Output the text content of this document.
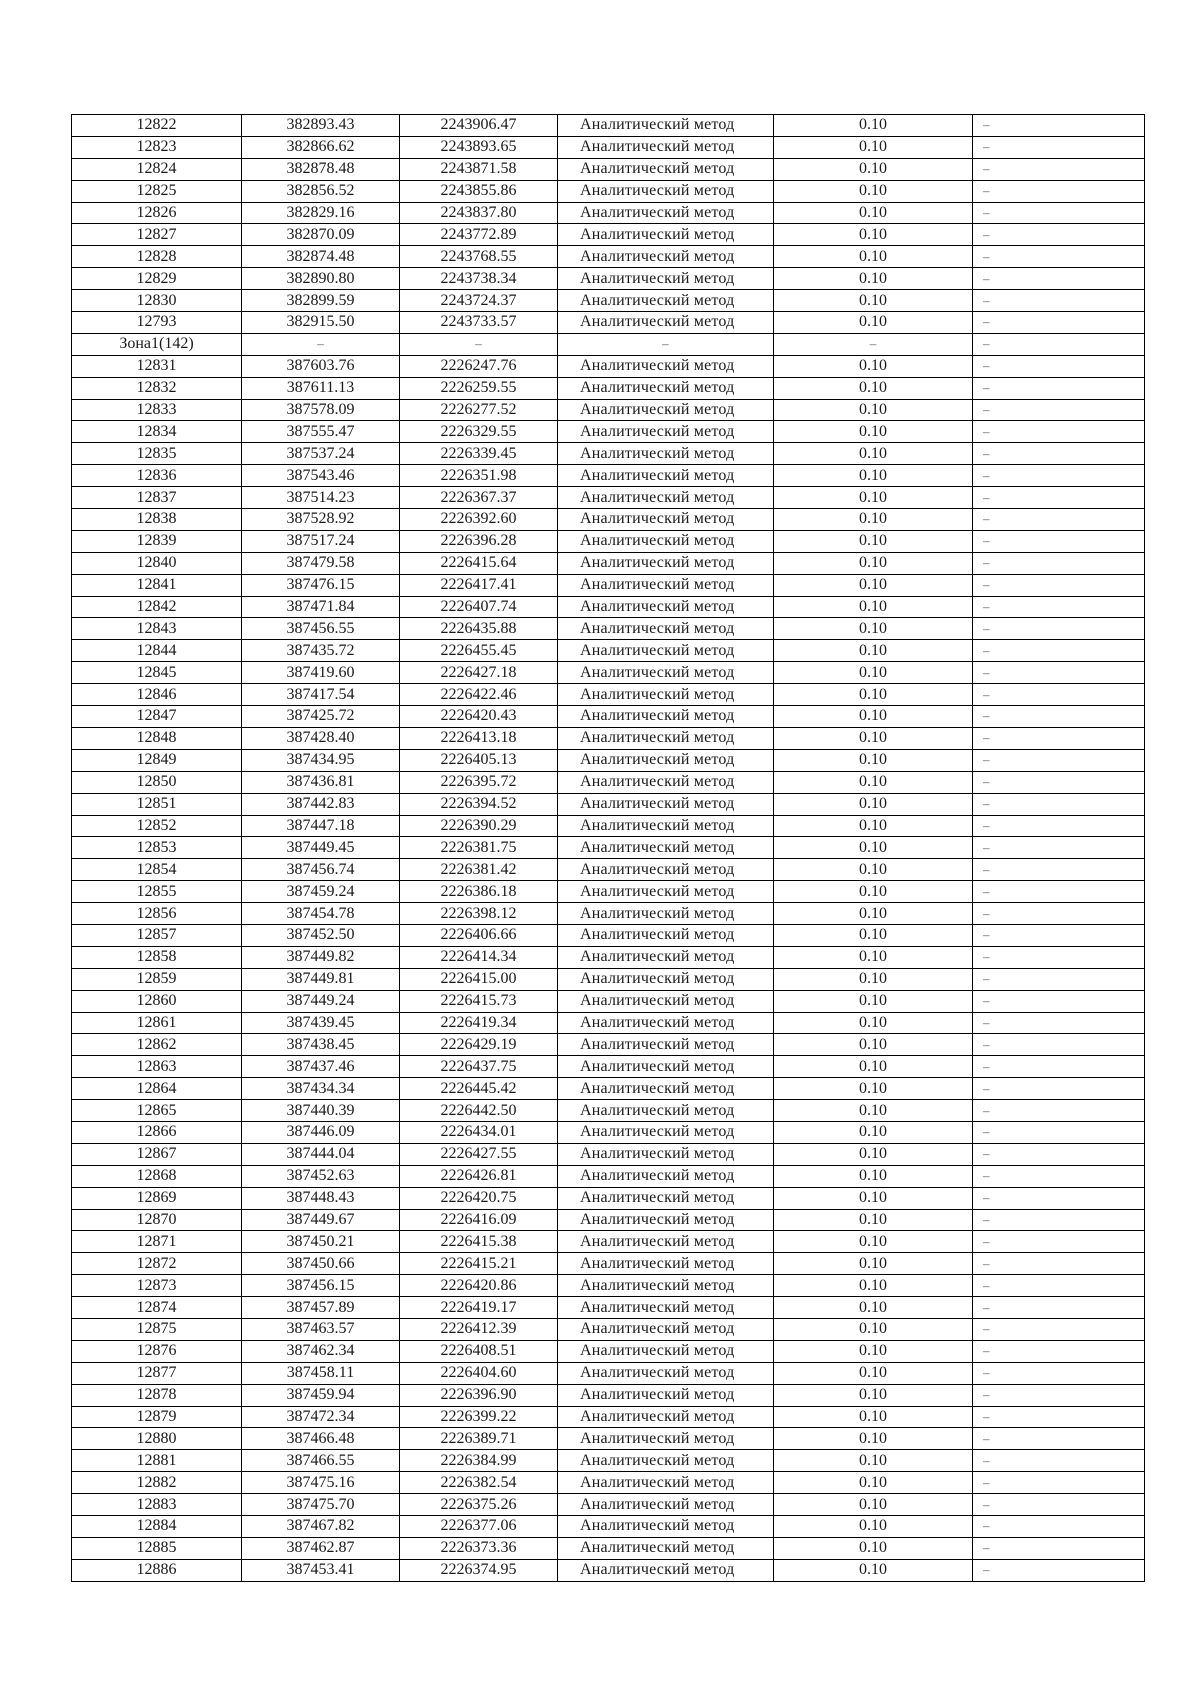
12822	382893.43	2243906.47	Аналитический метод	0.10	–
12823	382866.62	2243893.65	Аналитический метод	0.10	–
12824	382878.48	2243871.58	Аналитический метод	0.10	–
12825	382856.52	2243855.86	Аналитический метод	0.10	–
12826	382829.16	2243837.80	Аналитический метод	0.10	–
12827	382870.09	2243772.89	Аналитический метод	0.10	–
12828	382874.48	2243768.55	Аналитический метод	0.10	–
12829	382890.80	2243738.34	Аналитический метод	0.10	–
12830	382899.59	2243724.37	Аналитический метод	0.10	–
12793	382915.50	2243733.57	Аналитический метод	0.10	–
Зона1(142)	–	–	–	–	–
12831	387603.76	2226247.76	Аналитический метод	0.10	–
12832	387611.13	2226259.55	Аналитический метод	0.10	–
12833	387578.09	2226277.52	Аналитический метод	0.10	–
12834	387555.47	2226329.55	Аналитический метод	0.10	–
12835	387537.24	2226339.45	Аналитический метод	0.10	–
12836	387543.46	2226351.98	Аналитический метод	0.10	–
12837	387514.23	2226367.37	Аналитический метод	0.10	–
12838	387528.92	2226392.60	Аналитический метод	0.10	–
12839	387517.24	2226396.28	Аналитический метод	0.10	–
12840	387479.58	2226415.64	Аналитический метод	0.10	–
12841	387476.15	2226417.41	Аналитический метод	0.10	–
12842	387471.84	2226407.74	Аналитический метод	0.10	–
12843	387456.55	2226435.88	Аналитический метод	0.10	–
12844	387435.72	2226455.45	Аналитический метод	0.10	–
12845	387419.60	2226427.18	Аналитический метод	0.10	–
12846	387417.54	2226422.46	Аналитический метод	0.10	–
12847	387425.72	2226420.43	Аналитический метод	0.10	–
12848	387428.40	2226413.18	Аналитический метод	0.10	–
12849	387434.95	2226405.13	Аналитический метод	0.10	–
12850	387436.81	2226395.72	Аналитический метод	0.10	–
12851	387442.83	2226394.52	Аналитический метод	0.10	–
12852	387447.18	2226390.29	Аналитический метод	0.10	–
12853	387449.45	2226381.75	Аналитический метод	0.10	–
12854	387456.74	2226381.42	Аналитический метод	0.10	–
12855	387459.24	2226386.18	Аналитический метод	0.10	–
12856	387454.78	2226398.12	Аналитический метод	0.10	–
12857	387452.50	2226406.66	Аналитический метод	0.10	–
12858	387449.82	2226414.34	Аналитический метод	0.10	–
12859	387449.81	2226415.00	Аналитический метод	0.10	–
12860	387449.24	2226415.73	Аналитический метод	0.10	–
12861	387439.45	2226419.34	Аналитический метод	0.10	–
12862	387438.45	2226429.19	Аналитический метод	0.10	–
12863	387437.46	2226437.75	Аналитический метод	0.10	–
12864	387434.34	2226445.42	Аналитический метод	0.10	–
12865	387440.39	2226442.50	Аналитический метод	0.10	–
12866	387446.09	2226434.01	Аналитический метод	0.10	–
12867	387444.04	2226427.55	Аналитический метод	0.10	–
12868	387452.63	2226426.81	Аналитический метод	0.10	–
12869	387448.43	2226420.75	Аналитический метод	0.10	–
12870	387449.67	2226416.09	Аналитический метод	0.10	–
12871	387450.21	2226415.38	Аналитический метод	0.10	–
12872	387450.66	2226415.21	Аналитический метод	0.10	–
12873	387456.15	2226420.86	Аналитический метод	0.10	–
12874	387457.89	2226419.17	Аналитический метод	0.10	–
12875	387463.57	2226412.39	Аналитический метод	0.10	–
12876	387462.34	2226408.51	Аналитический метод	0.10	–
12877	387458.11	2226404.60	Аналитический метод	0.10	–
12878	387459.94	2226396.90	Аналитический метод	0.10	–
12879	387472.34	2226399.22	Аналитический метод	0.10	–
12880	387466.48	2226389.71	Аналитический метод	0.10	–
12881	387466.55	2226384.99	Аналитический метод	0.10	–
12882	387475.16	2226382.54	Аналитический метод	0.10	–
12883	387475.70	2226375.26	Аналитический метод	0.10	–
12884	387467.82	2226377.06	Аналитический метод	0.10	–
12885	387462.87	2226373.36	Аналитический метод	0.10	–
12886	387453.41	2226374.95	Аналитический метод	0.10	–
